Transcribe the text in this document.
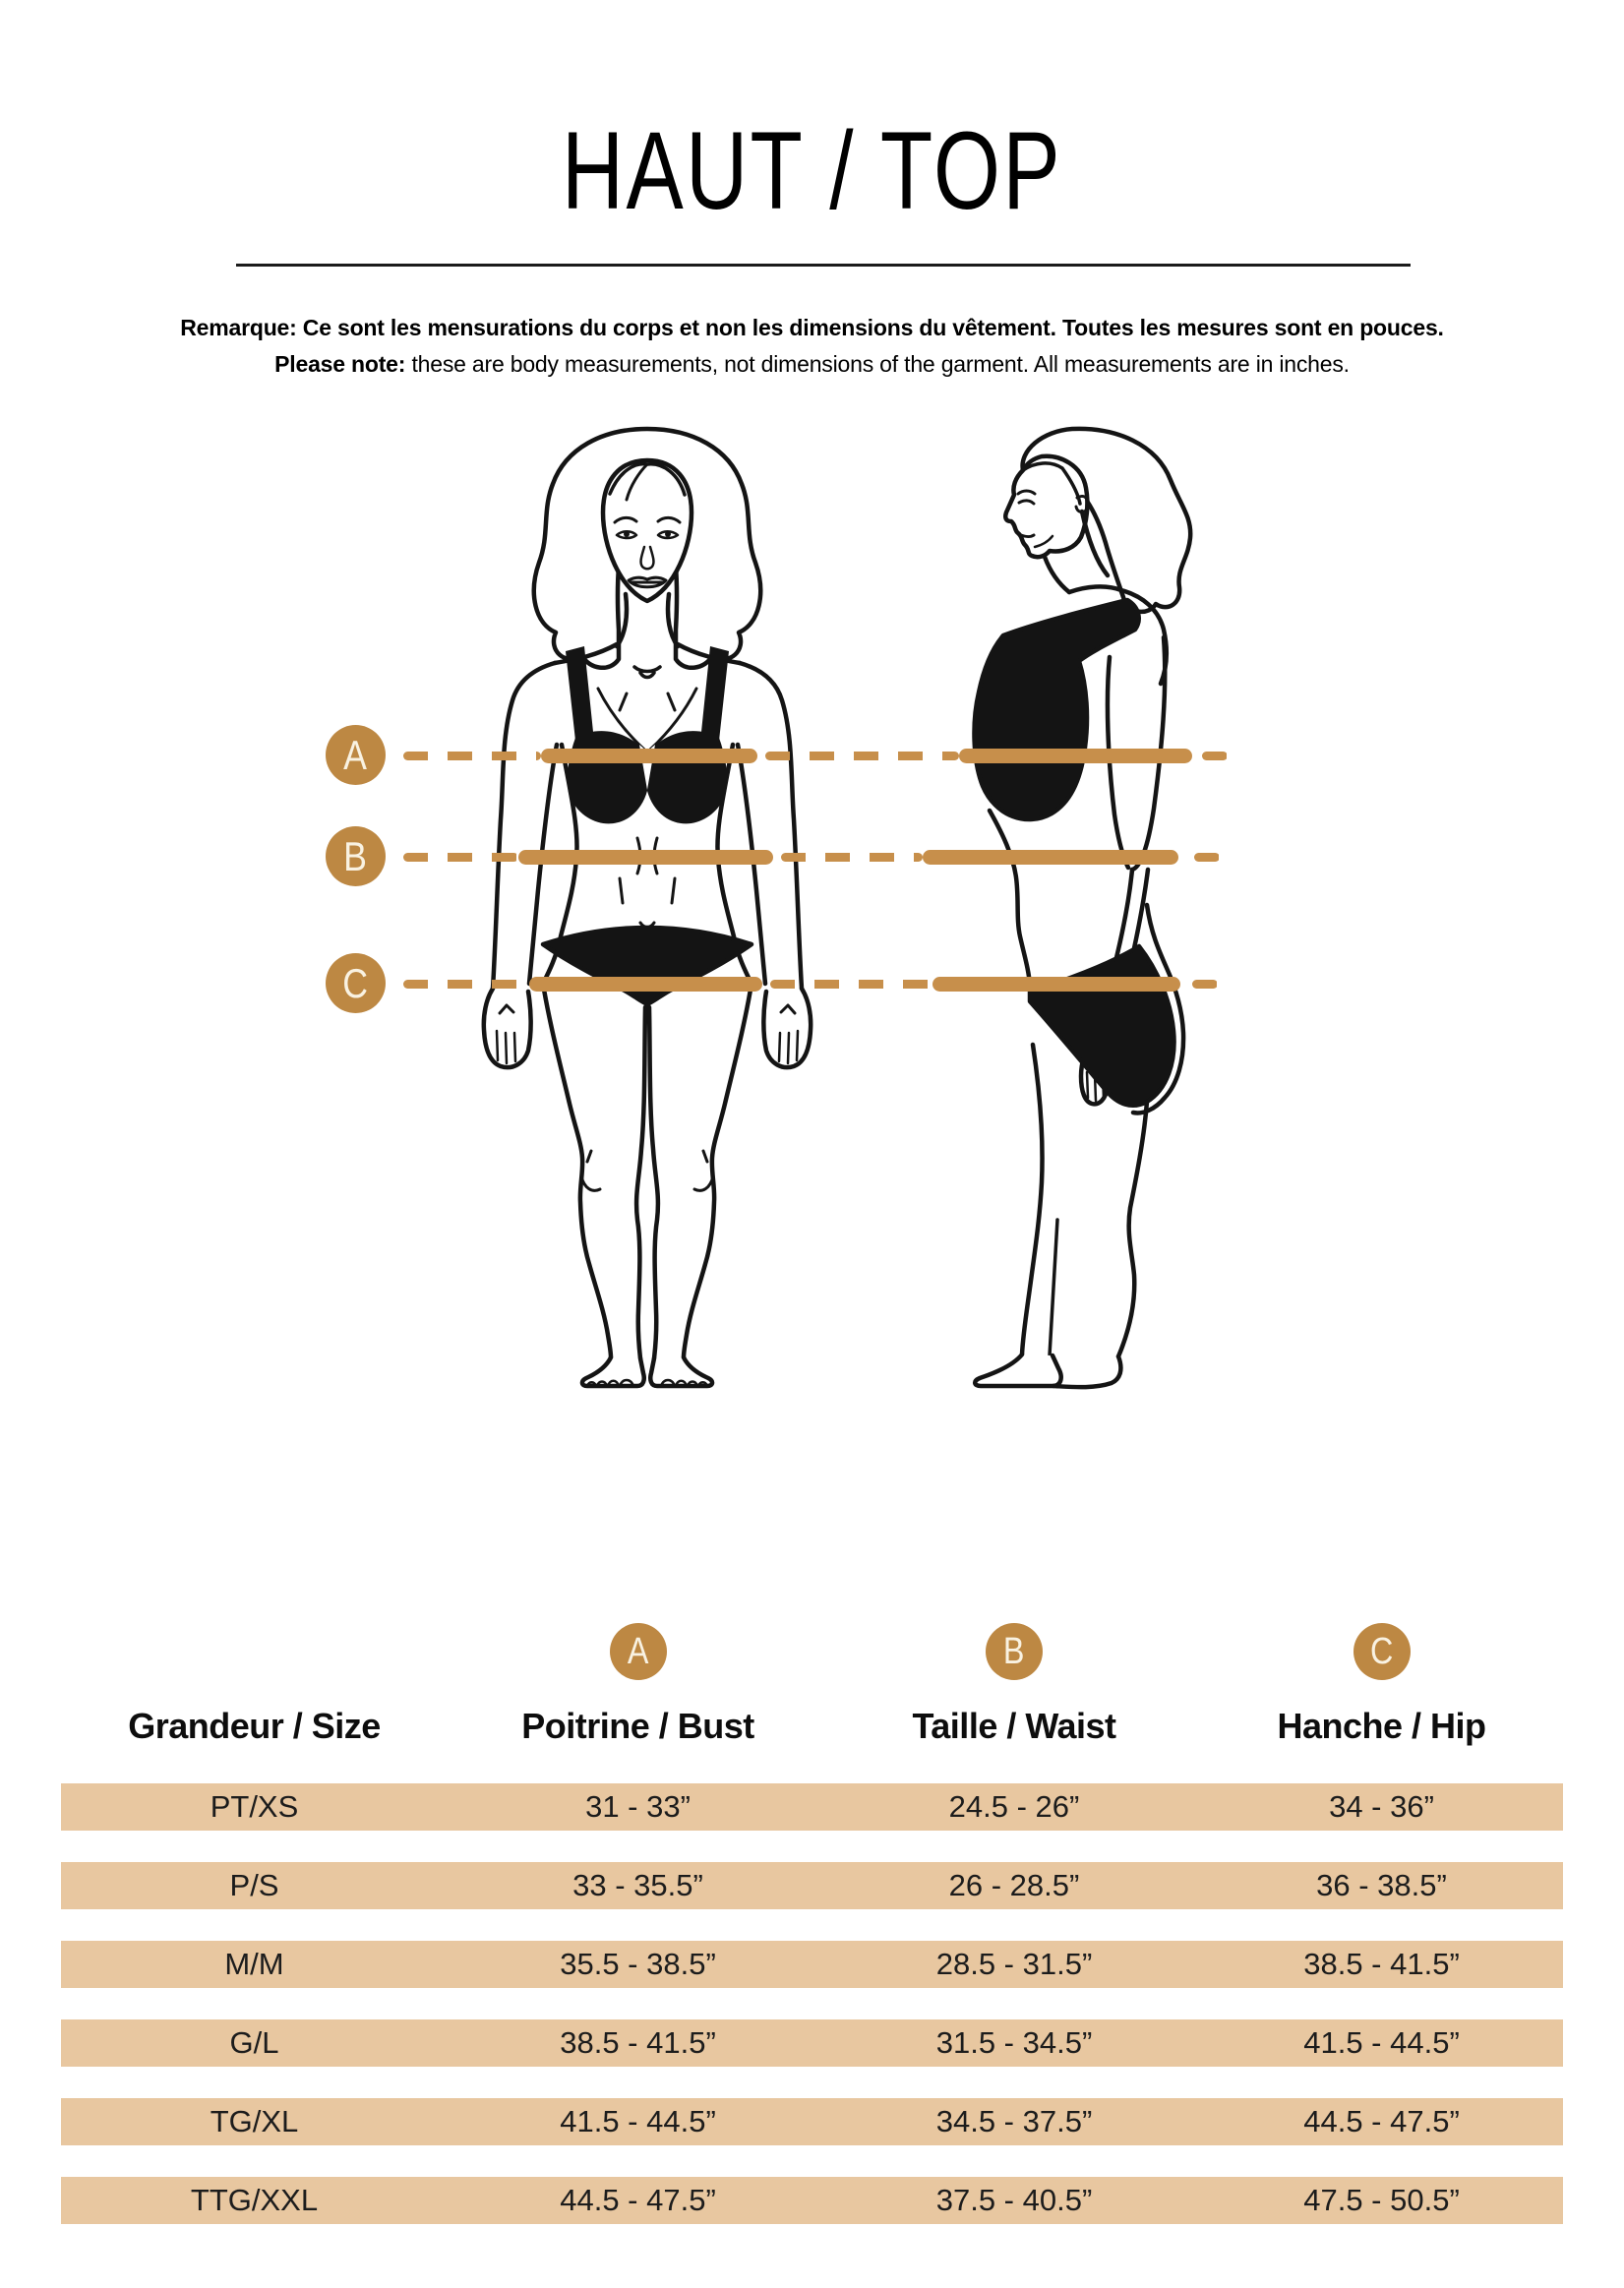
HAUT / TOP
Remarque: Ce sont les mensurations du corps et non les dimensions du vêtement. Toutes les mesures sont en pouces.
Please note: these are body measurements, not dimensions of the garment. All measurements are in inches.
A
B
C
A	B	C
Grandeur / Size	Poitrine / Bust	Taille / Waist	Hanche / Hip
PT/XS	31 - 33”	24.5 - 26”	34 - 36”
P/S	33 - 35.5”	26 - 28.5”	36 - 38.5”
M/M	35.5 - 38.5”	28.5 - 31.5”	38.5 - 41.5”
G/L	38.5 - 41.5”	31.5 - 34.5”	41.5 - 44.5”
TG/XL	41.5 - 44.5”	34.5 - 37.5”	44.5 - 47.5”
TTG/XXL	44.5 - 47.5”	37.5 - 40.5”	47.5 - 50.5”
